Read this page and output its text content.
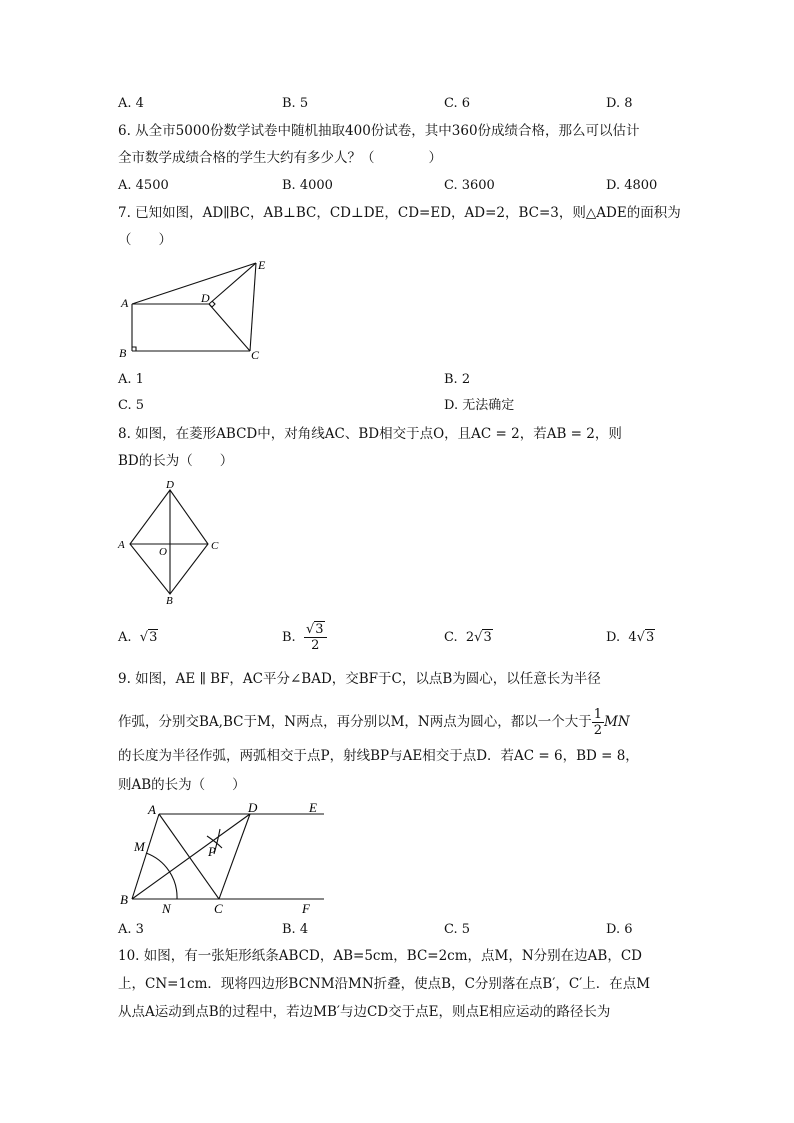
A. 4	B. 5	C. 6	D. 8
6. 从全市5000份数学试卷中随机抽取400份试卷，其中360份成绩合格，那么可以估计
全市数学成绩合格的学生大约有多少人？（　　　　）
A. 4500	B. 4000	C. 3600	D. 4800
7. 已知如图，AD∥BC，AB⊥BC，CD⊥DE，CD=ED，AD=2，BC=3，则△ADE的面积为
（　　）
A
B	C
D
E
A. 1	B. 2
C. 5	D. 无法确定
8. 如图，在菱形ABCD中，对角线AC、BD相交于点O，且AC = 2，若AB = 2，则
BD的长为（　　）
A
B
C
D
O
A.  √3	B. $\frac{√3}{2}$	C. 2√3	D. 4√3
9. 如图，AE ∥ BF，AC平分∠BAD，交BF于C，以点B为圆心，以任意长为半径
作弧，分别交BA,BC于M，N两点，再分别以M，N两点为圆心，都以一个大于 $\frac{1}{2}$ MN
的长度为半径作弧，两弧相交于点P，射线BP与AE相交于点D．若AC = 6，BD = 8，
则AB的长为（　　）
A	D	E
M	P
B
N	C	F
A. 3	B. 4	C. 5	D. 6
10. 如图，有一张矩形纸条ABCD，AB=5cm，BC=2cm，点M，N分别在边AB，CD
上，CN=1cm．现将四边形BCNM沿MN折叠，使点B，C分别落在点B′，C′上．在点M
从点A运动到点B的过程中，若边MB′与边CD交于点E，则点E相应运动的路径长为
